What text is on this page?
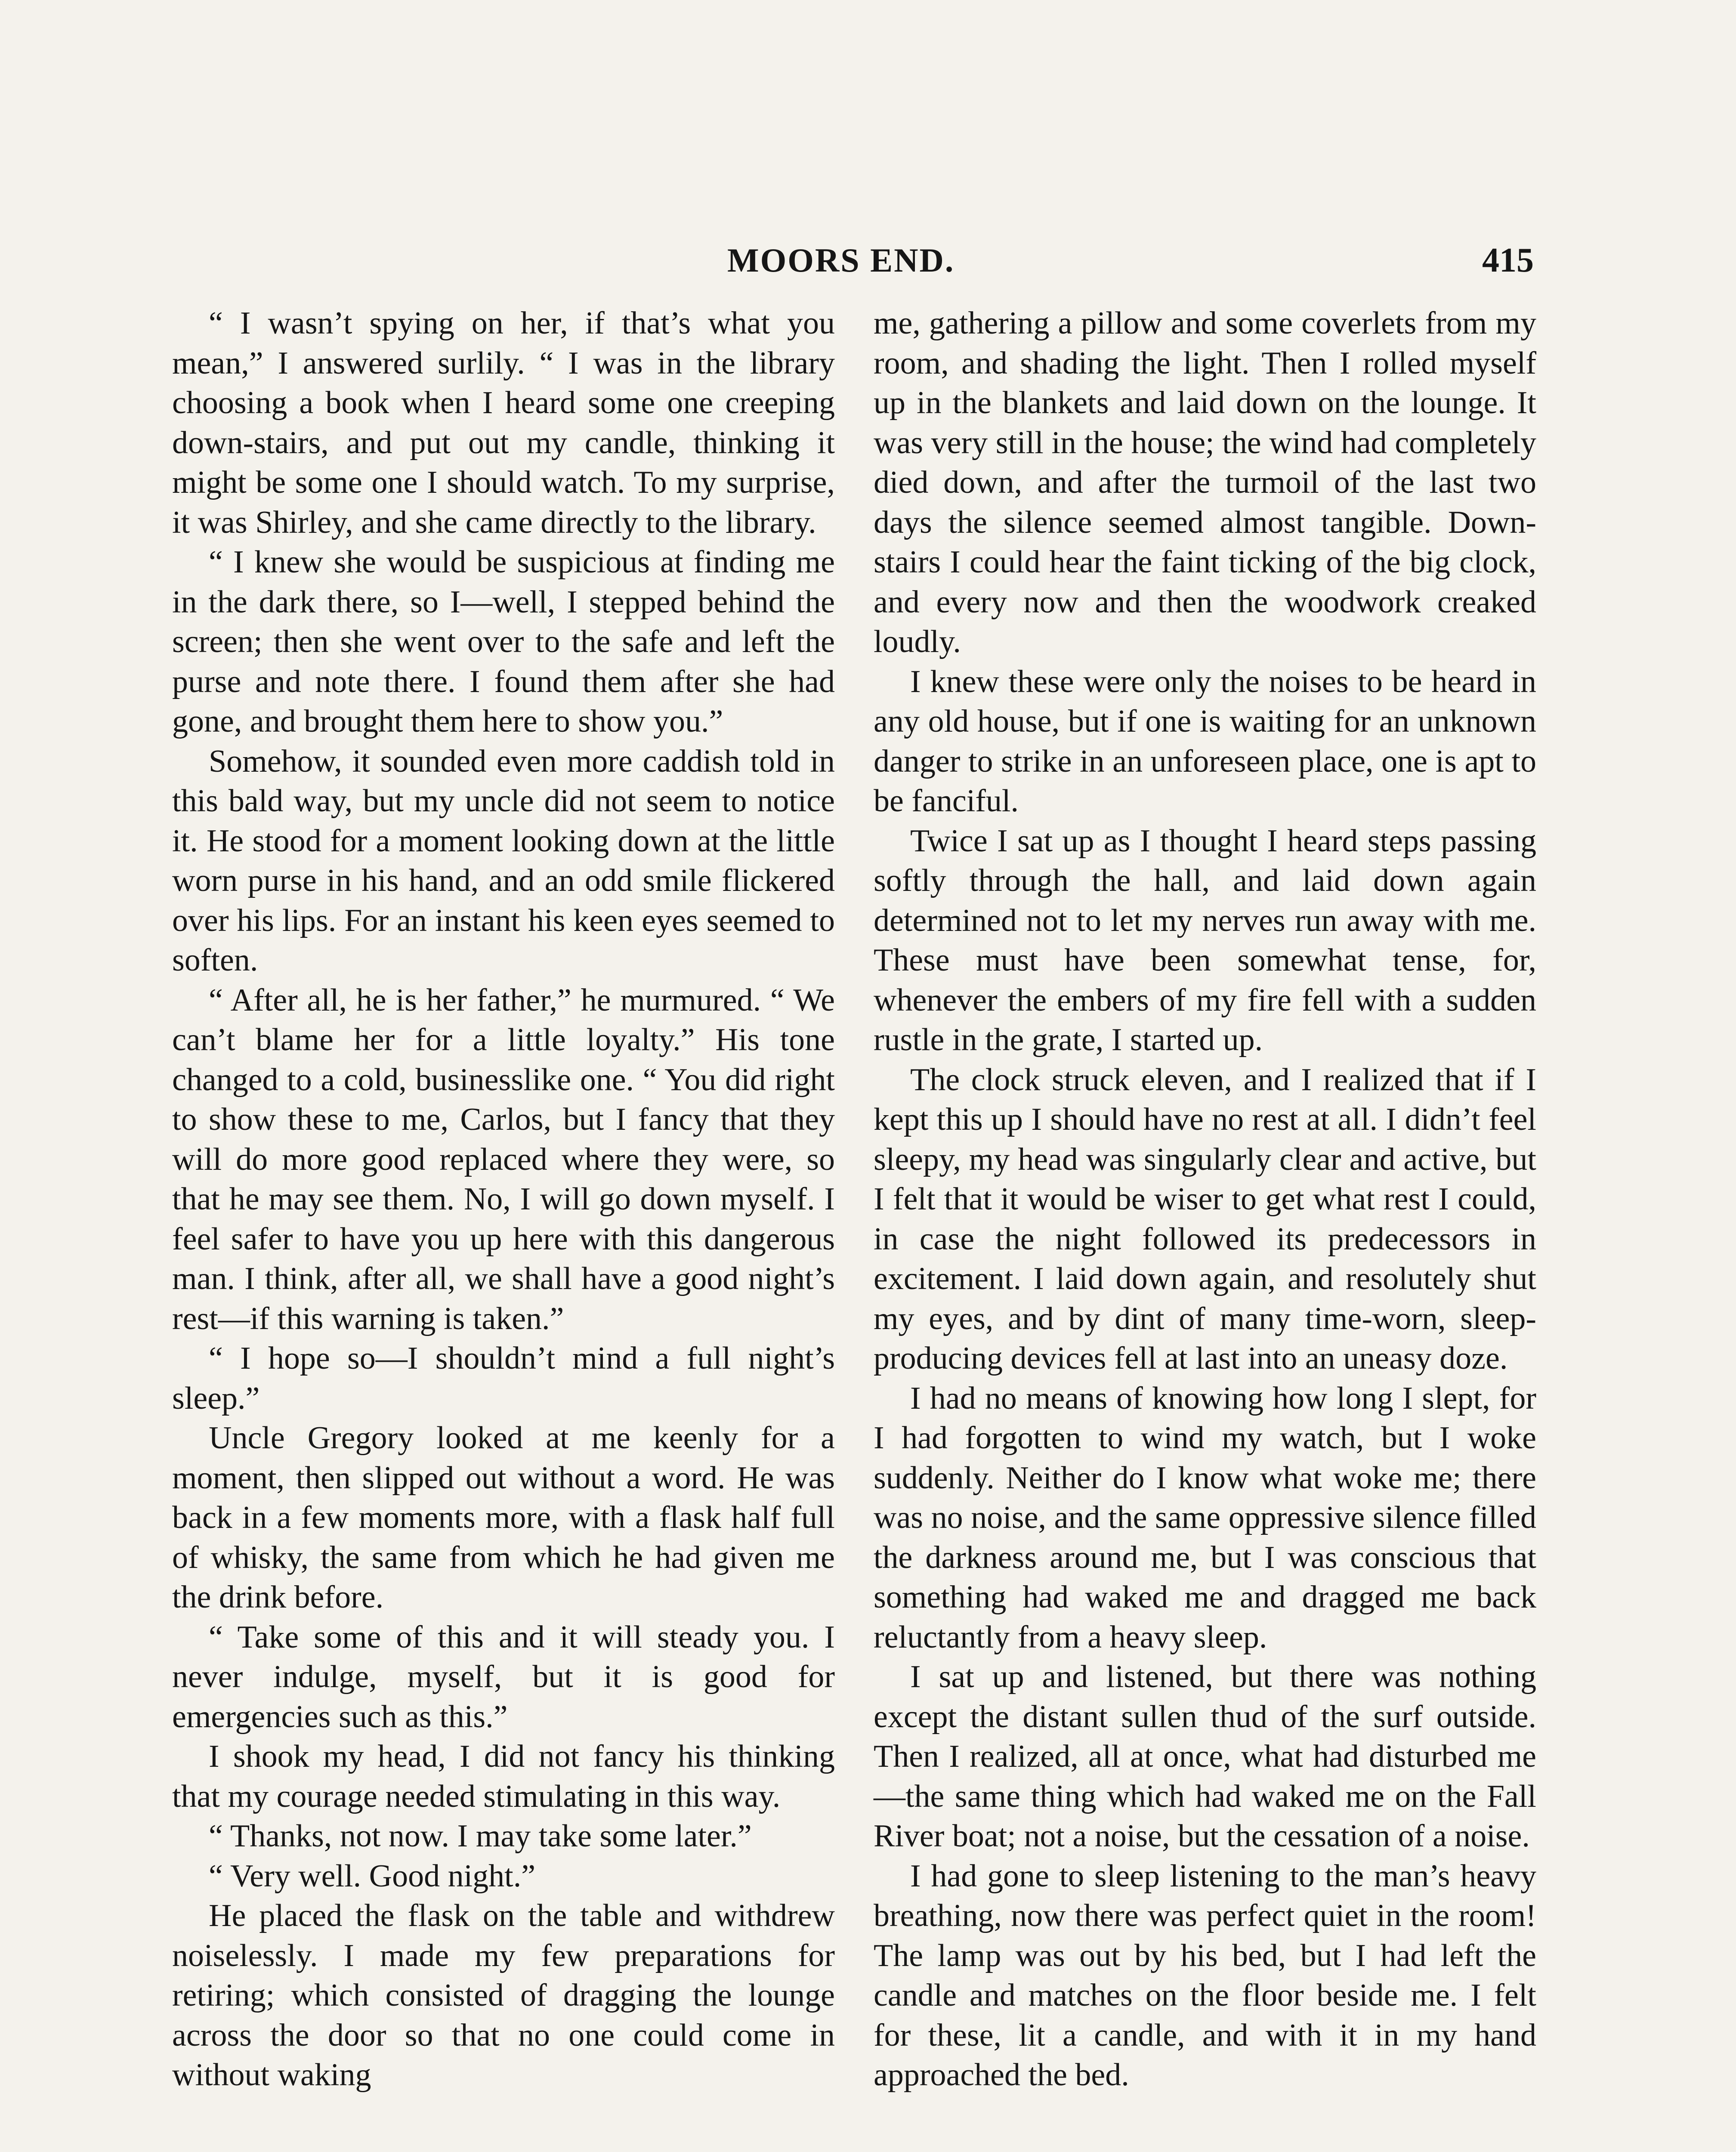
MOORS END.	415

“ I wasn’t spying on her, if that’s what you mean,” I answered surlily. “ I was in the library choosing a book when I heard some one creeping down-stairs, and put out my candle, thinking it might be some one I should watch. To my surprise, it was Shirley, and she came directly to the library.

“ I knew she would be suspicious at finding me in the dark there, so I—well, I stepped behind the screen; then she went over to the safe and left the purse and note there. I found them after she had gone, and brought them here to show you.”

Somehow, it sounded even more caddish told in this bald way, but my uncle did not seem to notice it. He stood for a moment looking down at the little worn purse in his hand, and an odd smile flickered over his lips. For an instant his keen eyes seemed to soften.

“ After all, he is her father,” he murmured. “ We can’t blame her for a little loyalty.” His tone changed to a cold, businesslike one. “ You did right to show these to me, Carlos, but I fancy that they will do more good replaced where they were, so that he may see them. No, I will go down myself. I feel safer to have you up here with this dangerous man. I think, after all, we shall have a good night’s rest—if this warning is taken.”

“ I hope so—I shouldn’t mind a full night’s sleep.”

Uncle Gregory looked at me keenly for a moment, then slipped out without a word. He was back in a few moments more, with a flask half full of whisky, the same from which he had given me the drink before.

“ Take some of this and it will steady you. I never indulge, myself, but it is good for emergencies such as this.”

I shook my head, I did not fancy his thinking that my courage needed stimulating in this way.

“ Thanks, not now. I may take some later.”

“ Very well. Good night.”

He placed the flask on the table and withdrew noiselessly. I made my few preparations for retiring; which consisted of dragging the lounge across the door so that no one could come in without waking

me, gathering a pillow and some coverlets from my room, and shading the light. Then I rolled myself up in the blankets and laid down on the lounge. It was very still in the house; the wind had completely died down, and after the turmoil of the last two days the silence seemed almost tangible. Down-stairs I could hear the faint ticking of the big clock, and every now and then the woodwork creaked loudly.

I knew these were only the noises to be heard in any old house, but if one is waiting for an unknown danger to strike in an unforeseen place, one is apt to be fanciful.

Twice I sat up as I thought I heard steps passing softly through the hall, and laid down again determined not to let my nerves run away with me. These must have been somewhat tense, for, whenever the embers of my fire fell with a sudden rustle in the grate, I started up.

The clock struck eleven, and I realized that if I kept this up I should have no rest at all. I didn’t feel sleepy, my head was singularly clear and active, but I felt that it would be wiser to get what rest I could, in case the night followed its predecessors in excitement. I laid down again, and resolutely shut my eyes, and by dint of many time-worn, sleep-producing devices fell at last into an uneasy doze.

I had no means of knowing how long I slept, for I had forgotten to wind my watch, but I woke suddenly. Neither do I know what woke me; there was no noise, and the same oppressive silence filled the darkness around me, but I was conscious that something had waked me and dragged me back reluctantly from a heavy sleep.

I sat up and listened, but there was nothing except the distant sullen thud of the surf outside. Then I realized, all at once, what had disturbed me—the same thing which had waked me on the Fall River boat; not a noise, but the cessation of a noise.

I had gone to sleep listening to the man’s heavy breathing, now there was perfect quiet in the room! The lamp was out by his bed, but I had left the candle and matches on the floor beside me. I felt for these, lit a candle, and with it in my hand approached the bed.
